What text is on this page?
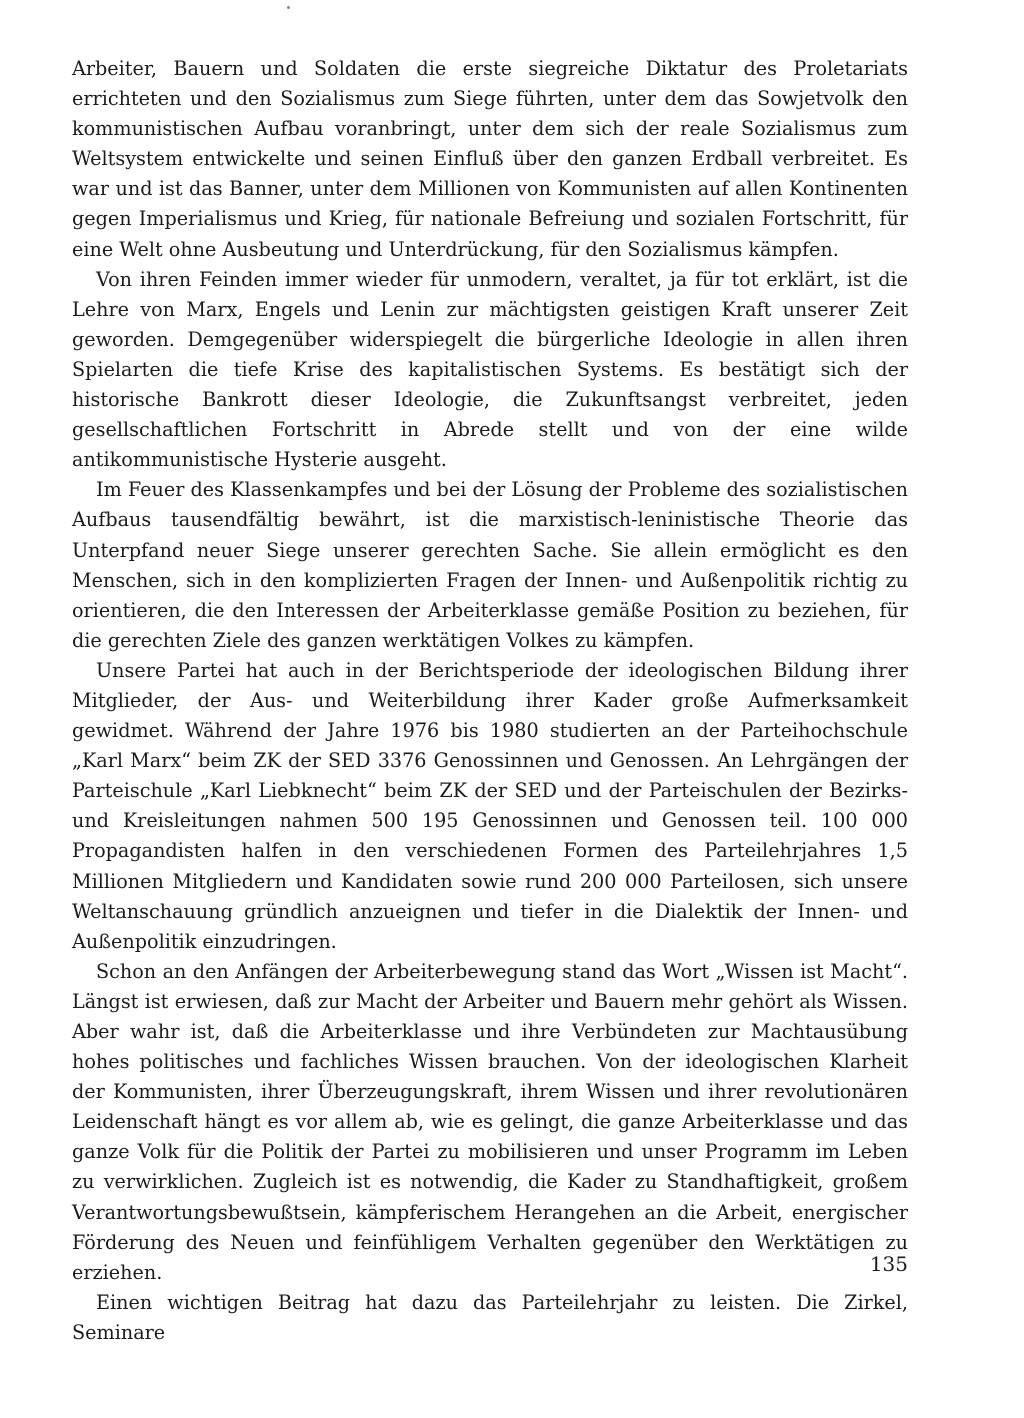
Arbeiter, Bauern und Soldaten die erste siegreiche Diktatur des Proletariats errichteten und den Sozialismus zum Siege führten, unter dem das Sowjetvolk den kommunistischen Aufbau voranbringt, unter dem sich der reale Sozialismus zum Weltsystem entwickelte und seinen Einfluß über den ganzen Erdball verbreitet. Es war und ist das Banner, unter dem Millionen von Kommunisten auf allen Kontinenten gegen Imperialismus und Krieg, für nationale Befreiung und sozialen Fortschritt, für eine Welt ohne Ausbeutung und Unterdrückung, für den Sozialismus kämpfen.

Von ihren Feinden immer wieder für unmodern, veraltet, ja für tot erklärt, ist die Lehre von Marx, Engels und Lenin zur mächtigsten geistigen Kraft unserer Zeit geworden. Demgegenüber widerspiegelt die bürgerliche Ideologie in allen ihren Spielarten die tiefe Krise des kapitalistischen Systems. Es bestätigt sich der historische Bankrott dieser Ideologie, die Zukunftsangst verbreitet, jeden gesellschaftlichen Fortschritt in Abrede stellt und von der eine wilde antikommunistische Hysterie ausgeht.

Im Feuer des Klassenkampfes und bei der Lösung der Probleme des sozialistischen Aufbaus tausendfältig bewährt, ist die marxistisch-leninistische Theorie das Unterpfand neuer Siege unserer gerechten Sache. Sie allein ermöglicht es den Menschen, sich in den komplizierten Fragen der Innen- und Außenpolitik richtig zu orientieren, die den Interessen der Arbeiterklasse gemäße Position zu beziehen, für die gerechten Ziele des ganzen werktätigen Volkes zu kämpfen.

Unsere Partei hat auch in der Berichtsperiode der ideologischen Bildung ihrer Mitglieder, der Aus- und Weiterbildung ihrer Kader große Aufmerksamkeit gewidmet. Während der Jahre 1976 bis 1980 studierten an der Parteihochschule „Karl Marx“ beim ZK der SED 3376 Genossinnen und Genossen. An Lehrgängen der Parteischule „Karl Liebknecht“ beim ZK der SED und der Parteischulen der Bezirks- und Kreisleitungen nahmen 500 195 Genossinnen und Genossen teil. 100 000 Propagandisten halfen in den verschiedenen Formen des Parteilehrjahres 1,5 Millionen Mitgliedern und Kandidaten sowie rund 200 000 Parteilosen, sich unsere Weltanschauung gründlich anzueignen und tiefer in die Dialektik der Innen- und Außenpolitik einzudringen.

Schon an den Anfängen der Arbeiterbewegung stand das Wort „Wissen ist Macht“. Längst ist erwiesen, daß zur Macht der Arbeiter und Bauern mehr gehört als Wissen. Aber wahr ist, daß die Arbeiterklasse und ihre Verbündeten zur Machtausübung hohes politisches und fachliches Wissen brauchen. Von der ideologischen Klarheit der Kommunisten, ihrer Überzeugungskraft, ihrem Wissen und ihrer revolutionären Leidenschaft hängt es vor allem ab, wie es gelingt, die ganze Arbeiterklasse und das ganze Volk für die Politik der Partei zu mobilisieren und unser Programm im Leben zu verwirklichen. Zugleich ist es notwendig, die Kader zu Standhaftigkeit, großem Verantwortungsbewußtsein, kämpferischem Herangehen an die Arbeit, energischer Förderung des Neuen und feinfühligem Verhalten gegenüber den Werktätigen zu erziehen.

Einen wichtigen Beitrag hat dazu das Parteilehrjahr zu leisten. Die Zirkel, Seminare

135
